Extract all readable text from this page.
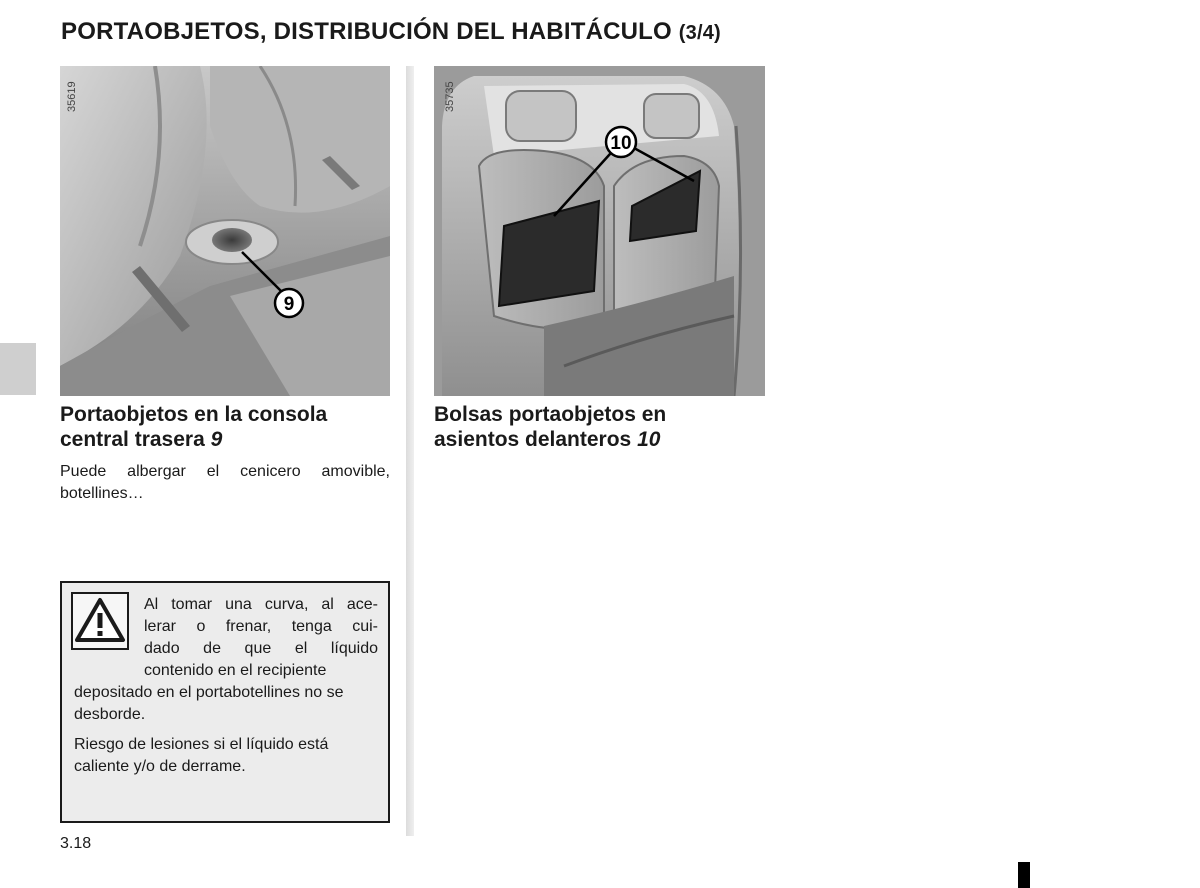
PORTAOBJETOS, DISTRIBUCIÓN DEL HABITÁCULO (3/4)
9
35619
10
35735
Portaobjetos en la consola
central trasera 9

Puede albergar el cenicero amovible, botellines…

Bolsas portaobjetos en
asientos delanteros 10

Al tomar una curva, al ace-
lerar o frenar, tenga cui-
dado de que el líquido
contenido en el recipiente
depositado en el portabotellines no se desborde.
Riesgo de lesiones si el líquido está caliente y/o de derrame.

3.18
